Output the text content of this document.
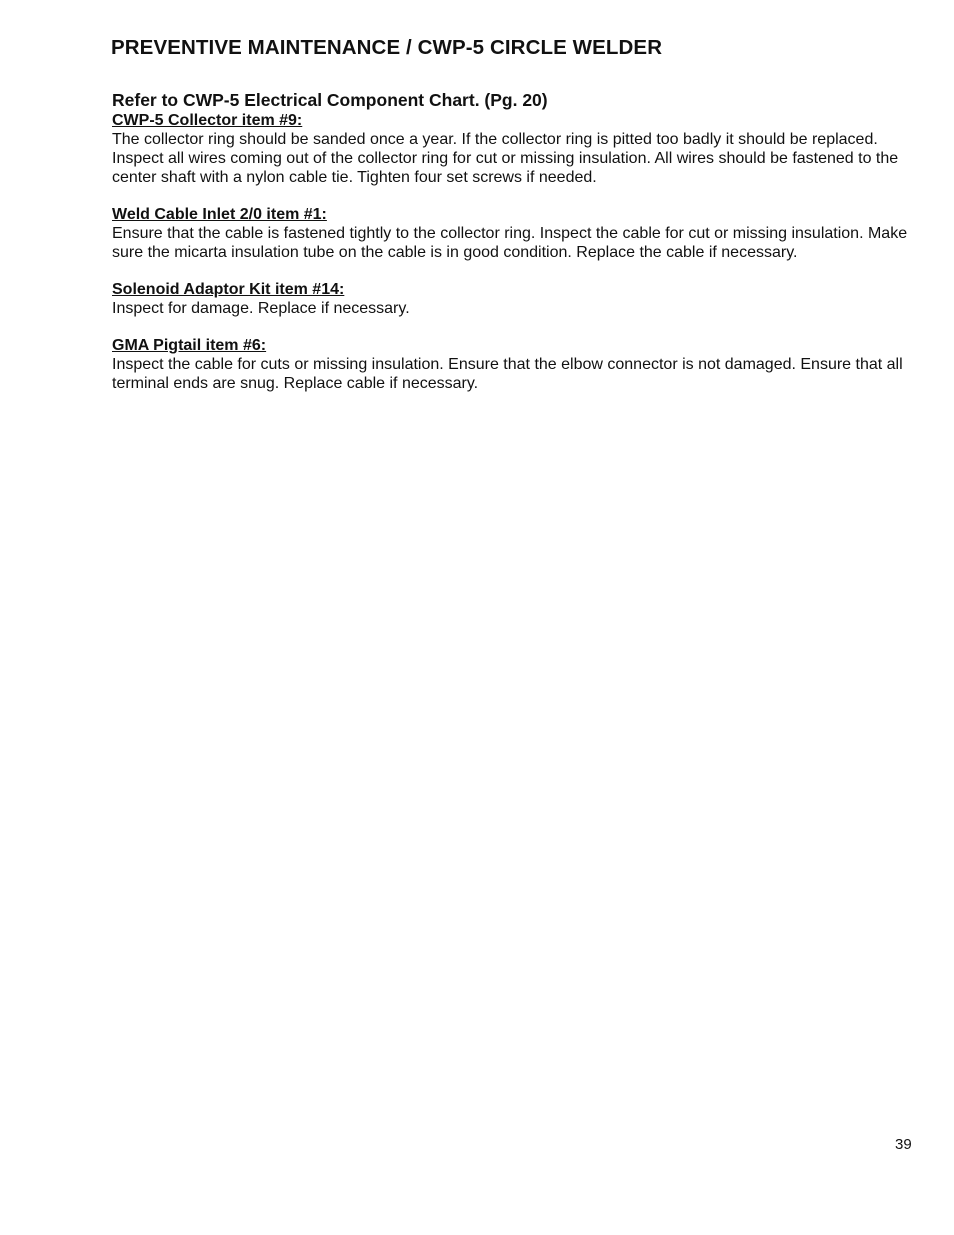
PREVENTIVE MAINTENANCE / CWP-5 CIRCLE WELDER
Refer to CWP-5 Electrical Component Chart. (Pg. 20)
CWP-5 Collector item #9:
The collector ring should be sanded once a year. If the collector ring is pitted too badly it should be replaced. Inspect all wires coming out of the collector ring for cut or missing insulation. All wires should be fastened to the center shaft with a nylon cable tie. Tighten four set screws if needed.
Weld Cable Inlet 2/0 item #1:
Ensure that the cable is fastened tightly to the collector ring. Inspect the cable for cut or missing insulation. Make sure the micarta insulation tube on the cable is in good condition. Replace the cable if necessary.
Solenoid Adaptor Kit item #14:
Inspect for damage. Replace if necessary.
GMA Pigtail item #6:
Inspect the cable for cuts or missing insulation. Ensure that the elbow connector is not damaged. Ensure that all terminal ends are snug. Replace cable if necessary.
39
